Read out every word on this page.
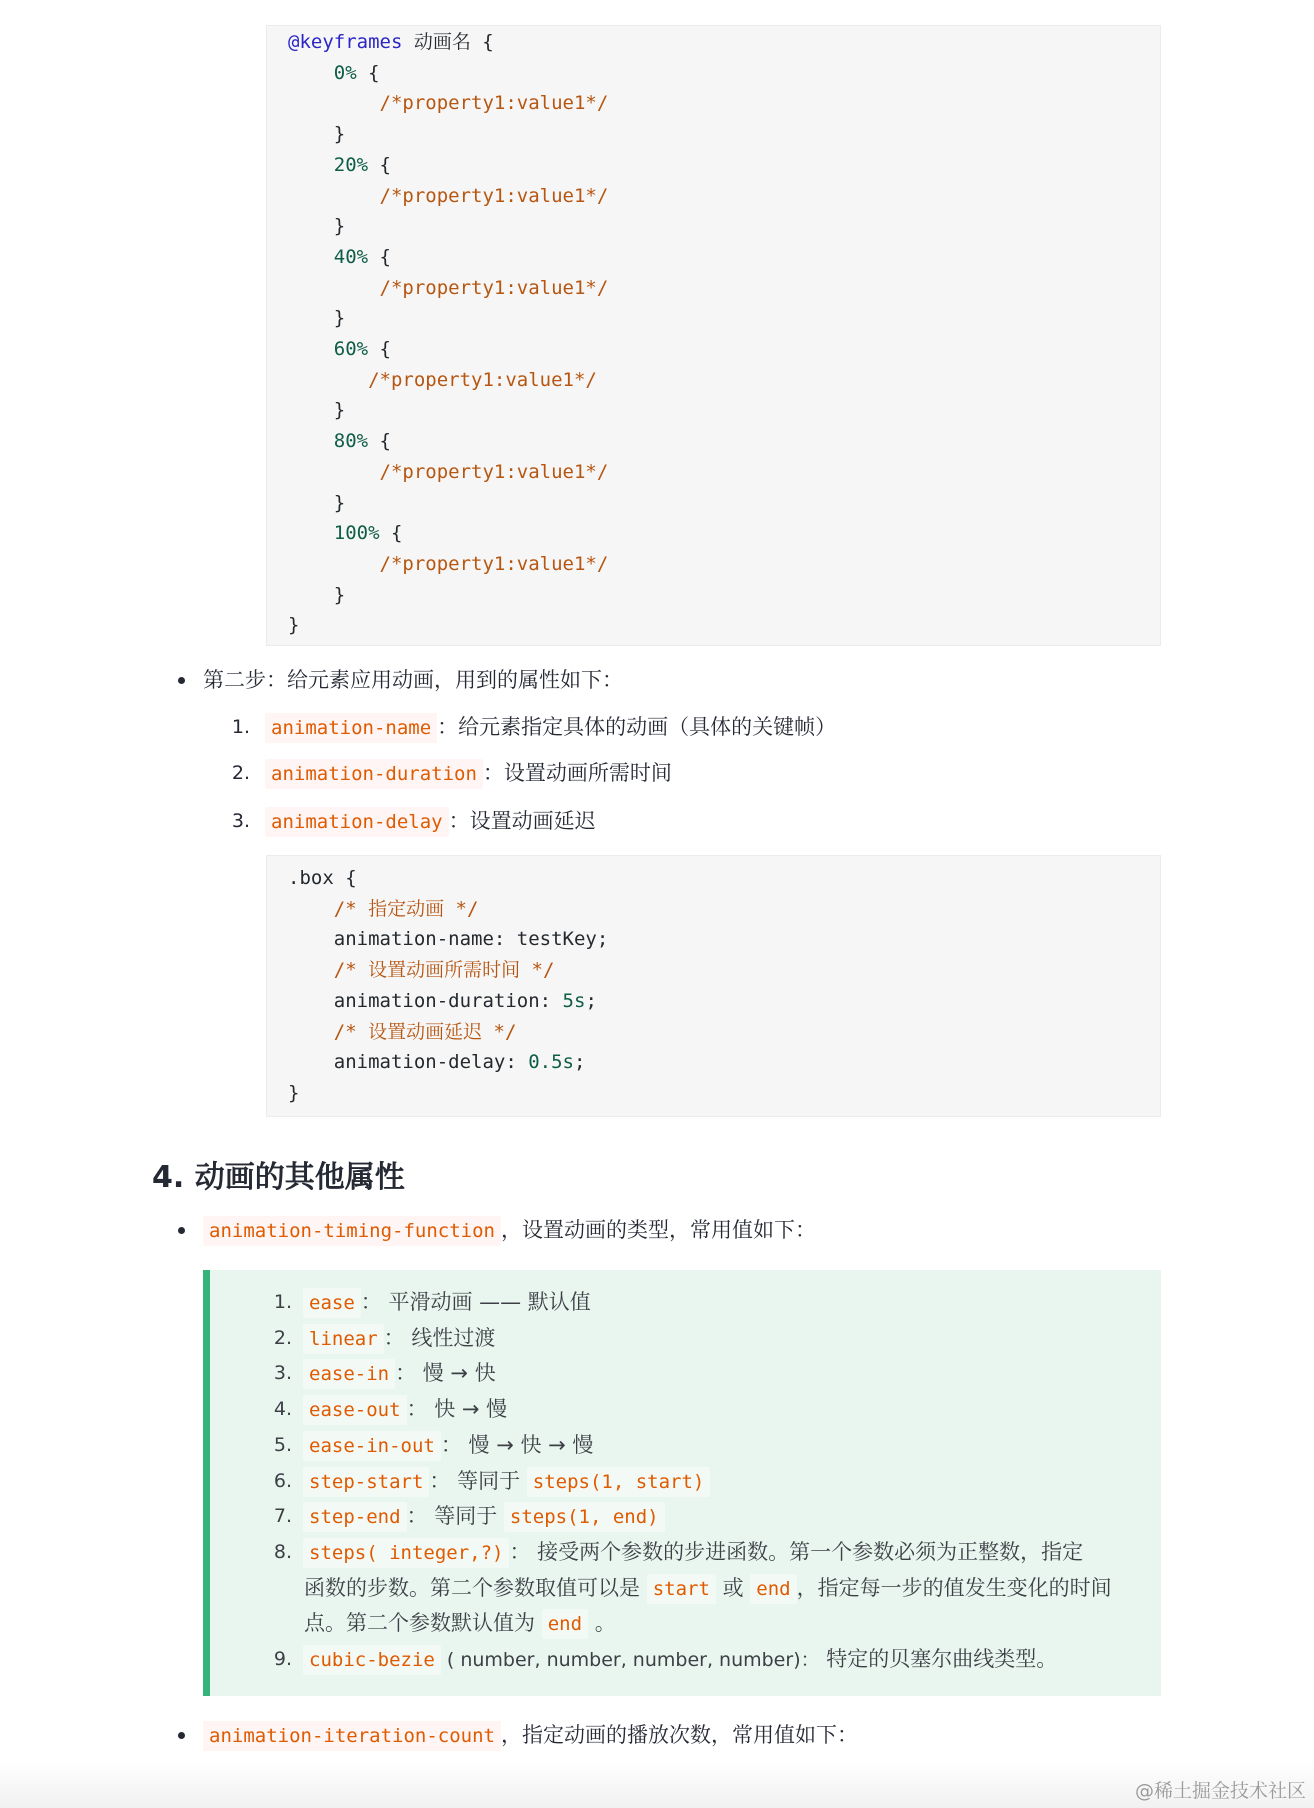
@keyframes 动画名 {
0% {
/*property1:value1*/
}
20% {
/*property1:value1*/
}
40% {
/*property1:value1*/
}
60% {
/*property1:value1*/
}
80% {
/*property1:value1*/
}
100% {
/*property1:value1*/
}
}
第二步：给元素应用动画，用到的属性如下：
1.	animation-name ：给元素指定具体的动画（具体的关键帧）
2.	animation-duration ：设置动画所需时间
3.	animation-delay ：设置动画延迟
.box {
/* 指定动画 */
animation-name: testKey;
/* 设置动画所需时间 */
animation-duration: 5s;
/* 设置动画延迟 */
animation-delay: 0.5s;
}
4. 动画的其他属性
animation-timing-function ，设置动画的类型，常用值如下：
1. ease ： 平滑动画 —— 默认值
2. linear ： 线性过渡
3. ease-in ： 慢 → 快
4. ease-out ： 快 → 慢
5. ease-in-out ： 慢 → 快 → 慢
6. step-start ： 等同于 steps(1, start)
7. step-end ： 等同于 steps(1, end)
8. steps( integer,?) ： 接受两个参数的步进函数。第一个参数必须为正整数，指定
函数的步数。第二个参数取值可以是 start 或 end ，指定每一步的值发生变化的时间
点。第二个参数默认值为 end 。
9. cubic-bezie ( number, number, number, number)： 特定的贝塞尔曲线类型。
animation-iteration-count ，指定动画的播放次数，常用值如下：
@稀土掘金技术社区
